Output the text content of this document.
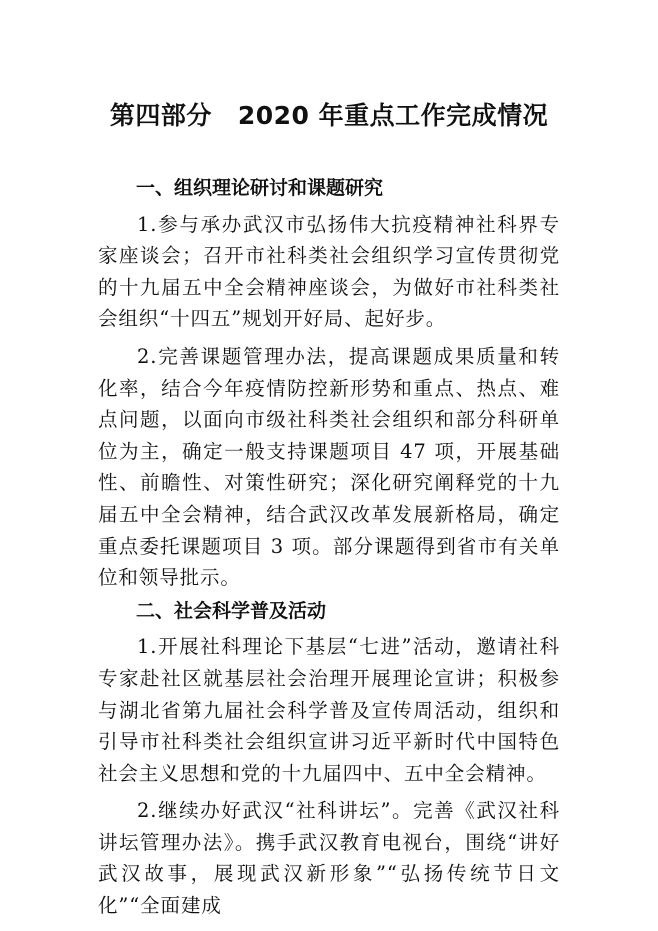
第四部分 2020 年重点工作完成情况

一、组织理论研讨和课题研究

1.参与承办武汉市弘扬伟大抗疫精神社科界专家座谈会；召开市社科类社会组织学习宣传贯彻党的十九届五中全会精神座谈会，为做好市社科类社会组织“十四五”规划开好局、起好步。

2.完善课题管理办法，提高课题成果质量和转化率，结合今年疫情防控新形势和重点、热点、难点问题，以面向市级社科类社会组织和部分科研单位为主，确定一般支持课题项目 47 项，开展基础性、前瞻性、对策性研究；深化研究阐释党的十九届五中全会精神，结合武汉改革发展新格局，确定重点委托课题项目 3 项。部分课题得到省市有关单位和领导批示。

二、社会科学普及活动

1.开展社科理论下基层“七进”活动，邀请社科专家赴社区就基层社会治理开展理论宣讲；积极参与湖北省第九届社会科学普及宣传周活动，组织和引导市社科类社会组织宣讲习近平新时代中国特色社会主义思想和党的十九届四中、五中全会精神。

2.继续办好武汉“社科讲坛”。完善《武汉社科讲坛管理办法》。携手武汉教育电视台，围绕“讲好武汉故事，展现武汉新形象”“弘扬传统节日文化”“全面建成
